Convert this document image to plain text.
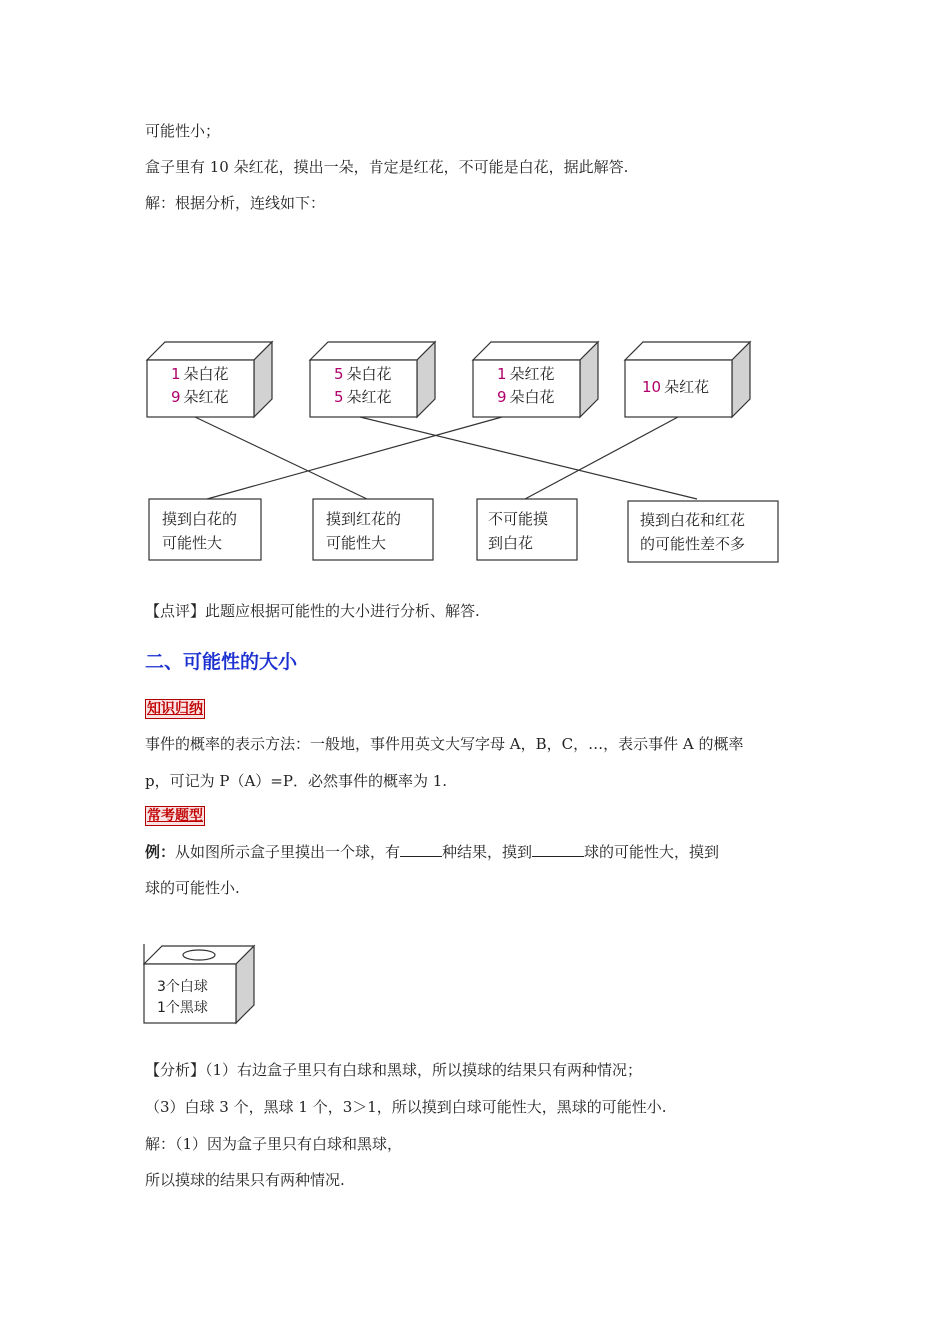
可能性小；
盒子里有 10 朵红花，摸出一朵，肯定是红花，不可能是白花，据此解答.
解：根据分析，连线如下：
1 朵白花
9 朵红花
5 朵白花
5 朵红花
1 朵红花
9 朵白花
10 朵红花
摸到白花的
可能性大
摸到红花的
可能性大
不可能摸
到白花
摸到白花和红花
的可能性差不多
【点评】此题应根据可能性的大小进行分析、解答.
二、可能性的大小
知识归纳
事件的概率的表示方法：一般地，事件用英文大写字母 A，B，C，…，表示事件 A 的概率
p，可记为 P（A）=P．必然事件的概率为 1.
常考题型
例：从如图所示盒子里摸出一个球，有	种结果，摸到	球的可能性大，摸到
球的可能性小.
3个白球
1个黑球
【分析】（1）右边盒子里只有白球和黑球，所以摸球的结果只有两种情况；
（3）白球 3 个，黑球 1 个，3＞1，所以摸到白球可能性大，黑球的可能性小.
解：（1）因为盒子里只有白球和黑球，
所以摸球的结果只有两种情况.
